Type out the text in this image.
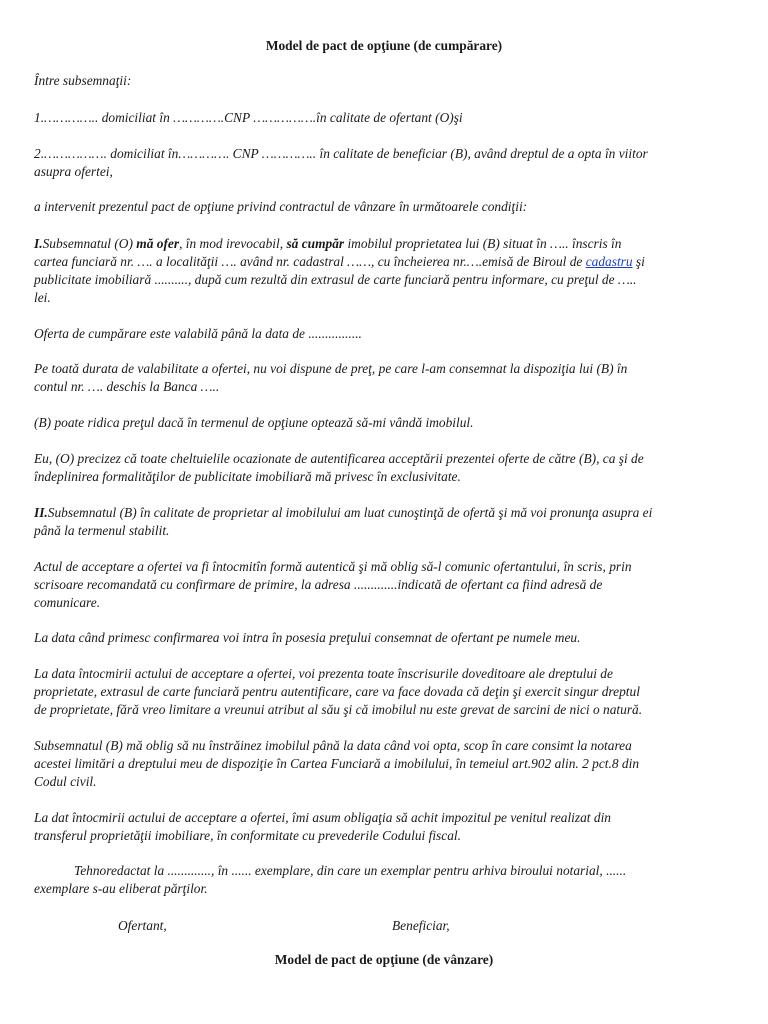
Model de pact de opţiune (de cumpărare)
Între subsemnaţii:
1.………….. domiciliat în ………….CNP …………….în calitate de ofertant (O)şi
2.……………. domiciliat în…………. CNP ………….. în calitate de beneficiar (B), având dreptul de a opta în viitor
asupra ofertei,
a intervenit prezentul pact de opţiune privind contractul de vânzare în următoarele condiţii:
I.Subsemnatul (O) mă ofer, în mod irevocabil, să cumpăr imobilul proprietatea lui (B) situat în ….. înscris în
cartea funciară nr. …. a localităţii …. având nr. cadastral ……, cu încheierea nr.….emisă de Biroul de cadastru şi
publicitate imobiliară .........., după cum rezultă din extrasul de carte funciară pentru informare, cu preţul de …..
lei.
Oferta de cumpărare este valabilă până la data de ................
Pe toată durata de valabilitate a ofertei, nu voi dispune de preţ, pe care l-am consemnat la dispoziţia lui (B) în
contul nr. …. deschis la Banca …..
(B) poate ridica preţul dacă în termenul de opţiune optează să-mi vândă imobilul.
Eu, (O) precizez că toate cheltuielile ocazionate de autentificarea acceptării prezentei oferte de către (B), ca şi de
îndeplinirea formalităţilor de publicitate imobiliară mă privesc în exclusivitate.
II.Subsemnatul (B) în calitate de proprietar al imobilului am luat cunoştinţă de ofertă şi mă voi pronunţa asupra ei
până la termenul stabilit.
Actul de acceptare a ofertei va fi întocmitîn formă autentică şi mă oblig să-l comunic ofertantului, în scris, prin
scrisoare recomandată cu confirmare de primire, la adresa .............indicată de ofertant ca fiind adresă de
comunicare.
La data când primesc confirmarea voi intra în posesia preţului consemnat de ofertant pe numele meu.
La data întocmirii actului de acceptare a ofertei, voi prezenta toate înscrisurile doveditoare ale dreptului de
proprietate, extrasul de carte funciară pentru autentificare, care va face dovada că deţin şi exercit singur dreptul
de proprietate, fără vreo limitare a vreunui atribut al său şi că imobilul nu este grevat de sarcini de nici o natură.
Subsemnatul (B) mă oblig să nu înstrăinez imobilul până la data când voi opta, scop în care consimt la notarea
acestei limitări a dreptului meu de dispoziţie în Cartea Funciară a imobilului, în temeiul art.902 alin. 2 pct.8 din
Codul civil.
La dat întocmirii actului de acceptare a ofertei, îmi asum obligaţia să achit impozitul pe venitul realizat din
transferul proprietăţii imobiliare, în conformitate cu prevederile Codului fiscal.
Tehnoredactat la ............., în ...... exemplare, din care un exemplar pentru arhiva biroului notarial, ......
exemplare s-au eliberat părţilor.
Ofertant,	Beneficiar,
Model de pact de opţiune (de vânzare)
